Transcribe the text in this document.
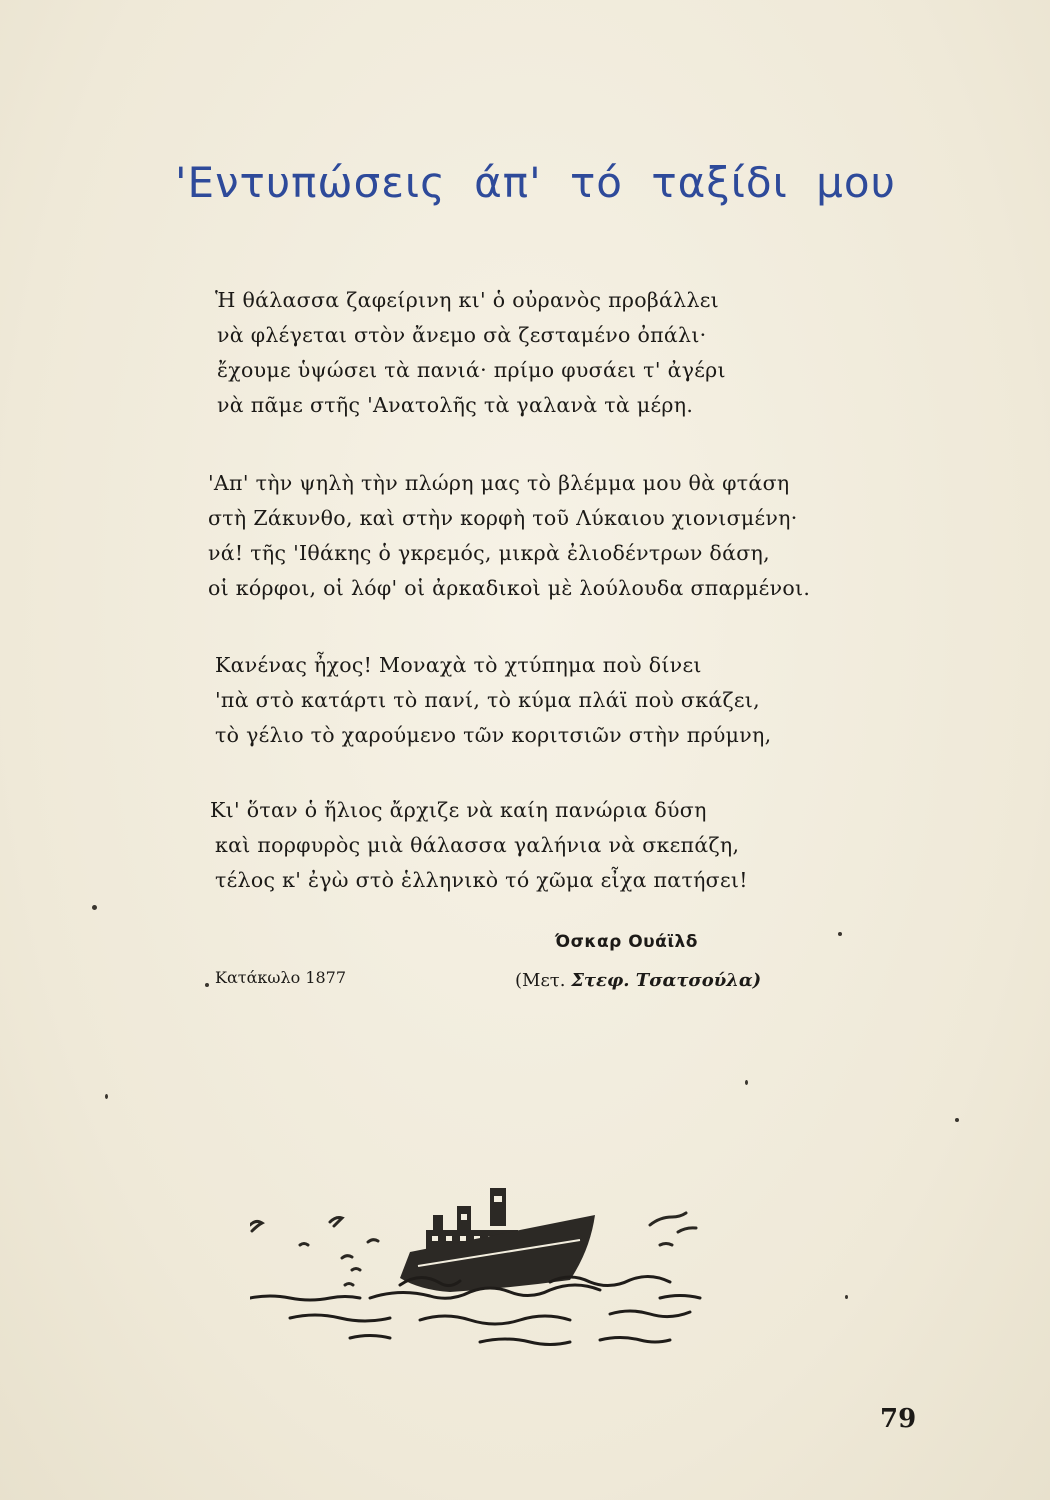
'Εντυπώσεις άπ' τό ταξίδι μου
Ἡ θάλασσα ζαφείρινη κι' ὁ οὐρανὸς προβάλλει
νὰ φλέγεται στὸν ἄνεμο σὰ ζεσταμένο ὀπάλι·
ἔχουμε ὑψώσει τὰ πανιά· πρίμο φυσάει τ' ἀγέρι
νὰ πᾶμε στῆς 'Ανατολῆς τὰ γαλανὰ τὰ μέρη.
'Απ' τὴν ψηλὴ τὴν πλώρη μας τὸ βλέμμα μου θὰ φτάση
στὴ Ζάκυνθο, καὶ στὴν κορφὴ τοῦ Λύκαιου χιονισμένη·
νά! τῆς 'Ιθάκης ὁ γκρεμός, μικρὰ ἐλιοδέντρων δάση,
οἱ κόρφοι, οἱ λόφ' οἱ ἀρκαδικοὶ μὲ λούλουδα σπαρμένοι.
Κανένας ἦχος! Μοναχὰ τὸ χτύπημα ποὺ δίνει
'πὰ στὸ κατάρτι τὸ πανί, τὸ κύμα πλάϊ ποὺ σκάζει,
τὸ γέλιο τὸ χαρούμενο τῶν κοριτσιῶν στὴν πρύμνη,
Κι' ὅταν ὁ ἥλιος ἄρχιζε νὰ καίη πανώρια δύση
καὶ πορφυρὸς μιὰ θάλασσα γαλήνια νὰ σκεπάζη,
τέλος κ' ἐγὼ στὸ ἑλληνικὸ τό χῶμα εἶχα πατήσει!
Όσκαρ Ουάϊλδ
Κατάκωλο 1877	(Μετ. Στεφ. Τσατσούλα)
79
